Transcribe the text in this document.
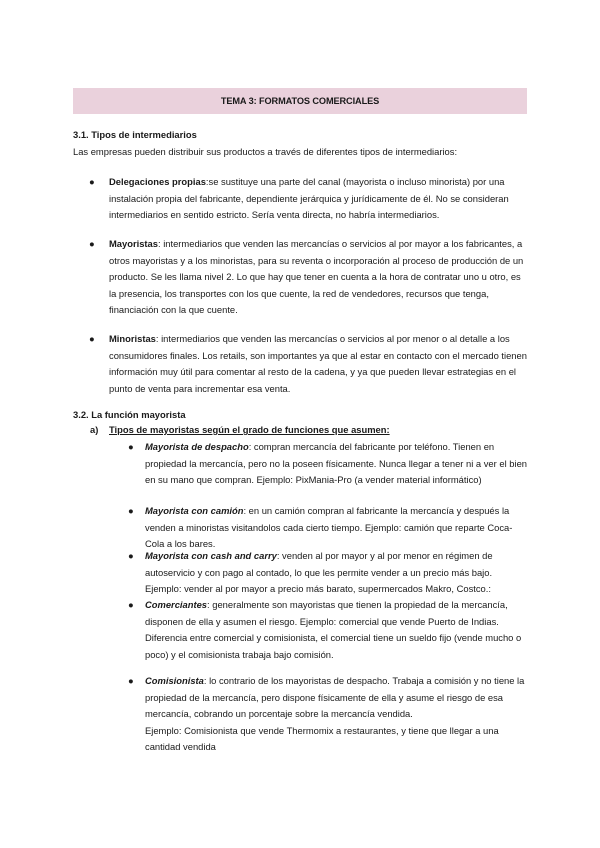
TEMA 3: FORMATOS COMERCIALES
3.1. Tipos de intermediarios
Las empresas pueden distribuir sus productos a través de diferentes tipos de intermediarios:
● Delegaciones propias:se sustituye una parte del canal (mayorista o incluso minorista) por una instalación propia del fabricante, dependiente jerárquica y jurídicamente de él. No se consideran intermediarios en sentido estricto. Sería venta directa, no habría intermediarios.
● Mayoristas: intermediarios que venden las mercancías o servicios al por mayor a los fabricantes, a otros mayoristas y a los minoristas, para su reventa o incorporación al proceso de producción de un producto. Se les llama nivel 2. Lo que hay que tener en cuenta a la hora de contratar uno u otro, es la presencia, los transportes con los que cuente, la red de vendedores, recursos que tenga, financiación con la que cuente.
● Minoristas: intermediarios que venden las mercancías o servicios al por menor o al detalle a los consumidores finales. Los retails, son importantes ya que al estar en contacto con el mercado tienen información muy útil para comentar al resto de la cadena, y ya que pueden llevar estrategias en el punto de venta para incrementar esa venta.
3.2. La función mayorista
a) Tipos de mayoristas según el grado de funciones que asumen:
● Mayorista de despacho: compran mercancía del fabricante por teléfono. Tienen en propiedad la mercancía, pero no la poseen físicamente. Nunca llegar a tener ni a ver el bien en su mano que compran. Ejemplo: PixMania-Pro (a vender material informático)
● Mayorista con camión: en un camión compran al fabricante la mercancía y después la venden a minoristas visitandolos cada cierto tiempo. Ejemplo: camión que reparte Coca-Cola a los bares.
● Mayorista con cash and carry: venden al por mayor y al por menor en régimen de autoservicio y con pago al contado, lo que les permite vender a un precio más bajo. Ejemplo: vender al por mayor a precio más barato, supermercados Makro, Costco.:
● Comerciantes: generalmente son mayoristas que tienen la propiedad de la mercancía, disponen de ella y asumen el riesgo. Ejemplo: comercial que vende Puerto de Indias.
Diferencia entre comercial y comisionista, el comercial tiene un sueldo fijo (vende mucho o poco) y el comisionista trabaja bajo comisión.
● Comisionista: lo contrario de los mayoristas de despacho. Trabaja a comisión y no tiene la propiedad de la mercancía, pero dispone físicamente de ella y asume el riesgo de esa mercancía, cobrando un porcentaje sobre la mercancía vendida.
Ejemplo: Comisionista que vende Thermomix a restaurantes, y tiene que llegar a una cantidad vendida
